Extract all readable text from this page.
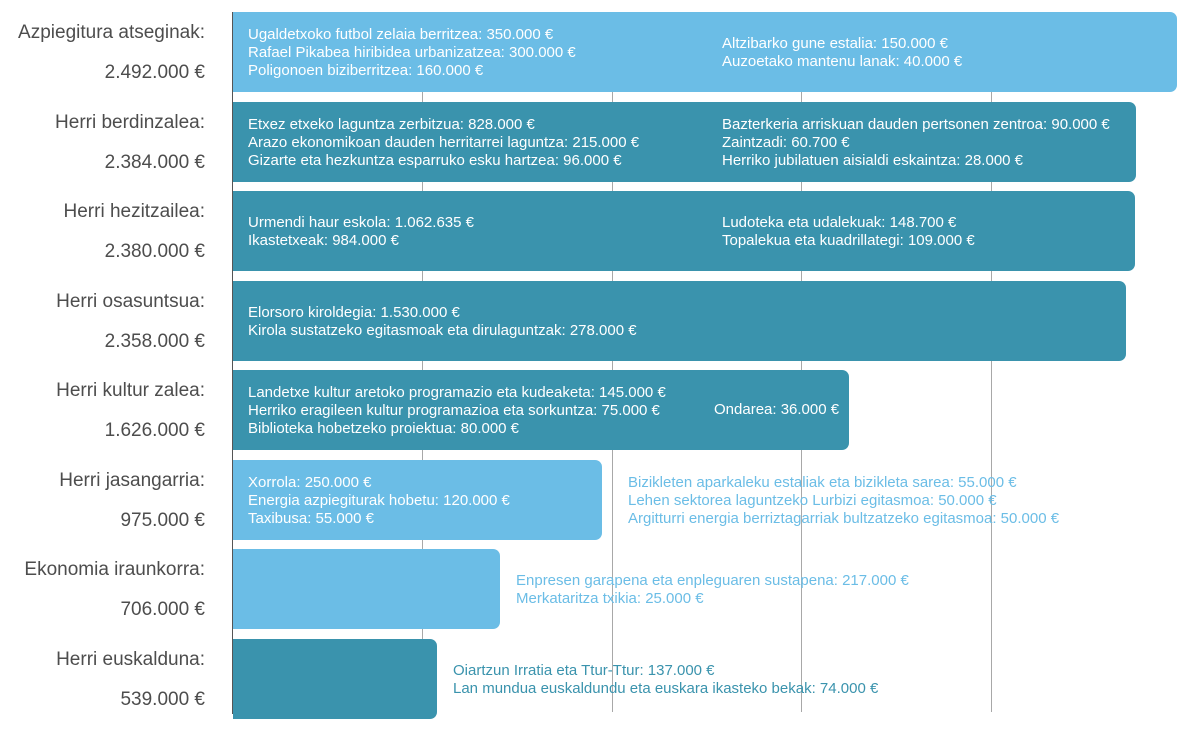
Azpiegitura atseginak:
2.492.000 €
Ugaldetxoko futbol zelaia berritzea: 350.000 €
Rafael Pikabea hiribidea urbanizatzea: 300.000 €
Poligonoen biziberritzea: 160.000 €
Altzibarko gune estalia: 150.000 €
Auzoetako mantenu lanak: 40.000 €
Herri berdinzalea:
2.384.000 €
Etxez etxeko laguntza zerbitzua: 828.000 €
Arazo ekonomikoan dauden herritarrei laguntza: 215.000 €
Gizarte eta hezkuntza esparruko esku hartzea: 96.000 €
Bazterkeria arriskuan dauden pertsonen zentroa: 90.000 €
Zaintzadi: 60.700 €
Herriko jubilatuen aisialdi eskaintza: 28.000 €
Herri hezitzailea:
2.380.000 €
Urmendi haur eskola: 1.062.635 €
Ikastetxeak: 984.000 €
Ludoteka eta udalekuak: 148.700 €
Topalekua eta kuadrillategi: 109.000 €
Herri osasuntsua:
2.358.000 €
Elorsoro kiroldegia: 1.530.000 €
Kirola sustatzeko egitasmoak eta dirulaguntzak: 278.000 €
Herri kultur zalea:
1.626.000 €
Landetxe kultur aretoko programazio eta kudeaketa: 145.000 €
Herriko eragileen kultur programazioa eta sorkuntza: 75.000 €
Biblioteka hobetzeko proiektua: 80.000 €
Ondarea: 36.000 €
Herri jasangarria:
975.000 €
Xorrola: 250.000 €
Energia azpiegiturak hobetu: 120.000 €
Taxibusa: 55.000 €
Bizikleten aparkaleku estaliak eta bizikleta sarea: 55.000 €
Lehen sektorea laguntzeko Lurbizi egitasmoa: 50.000 €
Argitturri energia berriztagarriak bultzatzeko egitasmoa: 50.000 €
Ekonomia iraunkorra:
706.000 €
Enpresen garapena eta enpleguaren sustapena: 217.000 €
Merkataritza txikia: 25.000 €
Herri euskalduna:
539.000 €
Oiartzun Irratia eta Ttur-Ttur: 137.000 €
Lan mundua euskaldundu eta euskara ikasteko bekak: 74.000 €
